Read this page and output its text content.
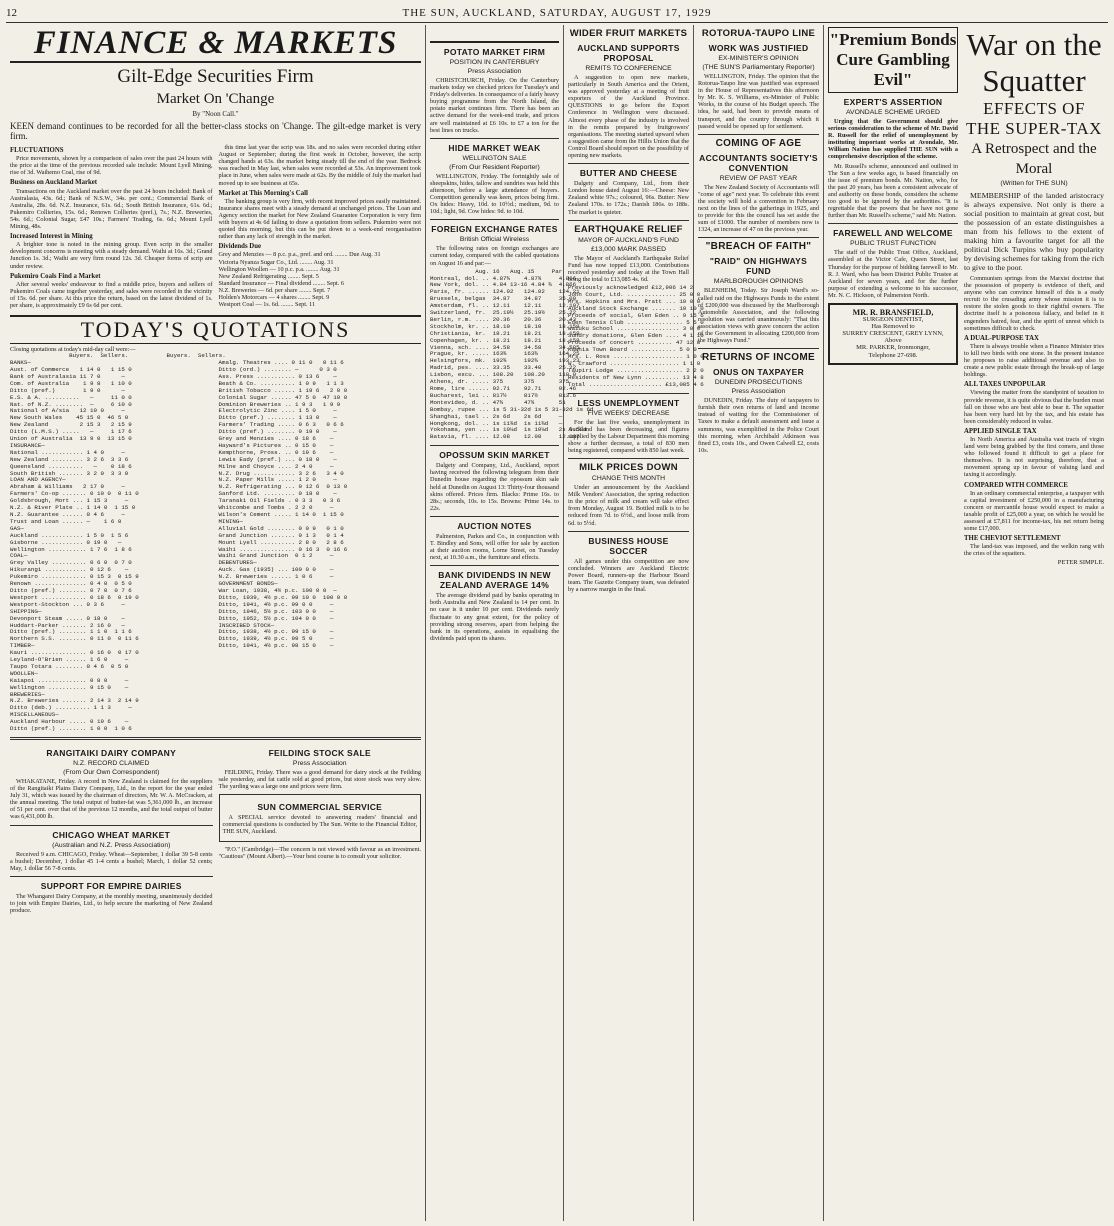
12	THE SUN, AUCKLAND, SATURDAY, AUGUST 17, 1929
FINANCE & MARKETS
Gilt-Edge Securities Firm
Market On 'Change
By "Noon Call."
KEEN demand continues to be recorded for all the better-class stocks on 'Change. The gilt-edge market is very firm.
FLUCTUATIONS

Price movements, shown by a comparison of sales over the past 24 hours with the price at the time of the previous recorded sale include: Mount Lyell Mining, rise of 3d. Waihemo Coal, rise of 9d.

Business on Auckland Market

Transactions on the Auckland market over the past 24 hours included: Bank of Australasia, 43s. 6d.; Bank of N.S.W., 34s. per cent.; Commercial Bank of Australia, 28s. 6d. N.Z. Insurance, 61s. 6d.; South British Insurance, 61s. 6d.; Pukemiro Collieries, 15s. 6d.; Renown Collieries (pref.), 7s.; N.Z. Breweries, 54s. 6d.; Colonial Sugar, £47 10s.; Farmers' Trading, 6s. 6d.; Mount Lyell Mining, 48s.

Increased Interest in Mining

A brighter tone is noted in the mining group. Even scrip in the smaller development concerns is meeting with a steady demand. Waihi at 16s. 3d.; Grand Junction 1s. 3d.; Waihi are very firm round 12s. 3d. Cheaper forms of scrip are under review.

Pukemiro Coals Find a Market

After several weeks' endeavour to find a middle price, buyers and sellers of Pukemiro Coals came together yesterday, and sales were recorded in the vicinity of 15s. 6d. per share. At this price the return, based on the latest dividend of 1s. per share, is approximately £9 6s 6d per cent.

this time last year the scrip was 18s. and no sales were recorded during either August or September; during the first week in October, however, the scrip changed hands at 63s. the market being steady till the end of the year. Bedrock was reached in May last, when sales were recorded at 53s. An improvement took place in June, when sales were made at 62s. By the middle of July the market had moved up to see business at 65s.

Market at This Morning's Call

The banking group is very firm, with recent improved prices easily maintained. Insurance shares meet with a steady demand at unchanged prices. The Loan and Agency section the market for New Zealand Guarantee Corporation is very firm with buyers at 4s 6d failing to draw a quotation from sellers. Pukemiro were not quoted this morning, but this can be put down to a week-end reorganisation rather than any lack of strength in the market.

Dividends Due
Grey and Menzies — 8 p.c. p.a., pref. and ord. ........ Due Aug. 31
Victoria Nyanza Sugar Co., Ltd. ........ Aug. 31
Wellington Woollen — 10 p.c. p.a. ........ Aug. 31
New Zealand Refrigerating ........ Sept. 5
Standard Insurance — Final dividend ........ Sept. 6
N.Z. Breweries — 6d. per share ........ Sept. 7
Holden's Motorcars — 4 shares ........ Sept. 9
Westport Coal — 1s. 6d. ........ Sept. 11
TODAY'S QUOTATIONS
Closing quotations at today's mid-day call were:—
Buyers.  Sellers.           Buyers.  Sellers.
BANKS—
Aust. of Commerce   1 14 0   1 15 0
Bank of Australasia 11 7 0      —
Com. of Australia    1 9 8   1 10 0
Ditto (pref.)        1 9 0      —
E.S. & A. ..........   —     11 0 0
Nat. of N.Z. ........  —     6 10 0
National of A/sia   12 10 0     —
New South Wales    45 15 0  46 5 0
New Zealand         2 15 3   2 15 9
Ditto (L.M.S.) .....   —     1 17 6
Union of Australia  13 9 0  13 15 0
INSURANCE—
National ............ 1 4 0     —
New Zealand ......... 3 2 6  3 3 6
Queensland ..........   —    0 18 6
South British ....... 3 2 0  3 3 0
LOAN AND AGENCY—
Abraham & Williams   2 17 0     —
Farmers' Co-op ....... 0 10 0  0 11 0
Goldsbrough, Mort ... 1 15 3     —
N.Z. & River Plate .. 1 14 0  1 15 0
N.Z. Guarantee ...... 0 4 6     —
Trust and Loan ...... —    1 6 0
GAS—
Auckland ............ 1 5 0  1 5 6
Gisborne ............ 0 19 0   —
Wellington ........... 1 7 6  1 8 6
COAL—
Grey Valley .......... 0 6 0  0 7 0
Hikurangi ............ 0 12 6    —
Pukemiro ............. 0 15 3  0 15 9
Renown ............... 0 4 0  0 5 0
Ditto (pref.) ........ 0 7 0  0 7 6
Westport ............. 0 18 6  0 19 0
Westport-Stockton ... 0 3 6     —
SHIPPING—
Devonport Steam ..... 0 18 0    —
Huddart-Parker ....... 2 16 0   —
Ditto (pref.) ........ 1 1 0  1 1 6
Northern S.S. ........ 0 11 0  0 11 6
TIMBER—
Kauri ................ 0 16 0  0 17 0
Leyland-O'Brien ...... 1 6 0     —
Taupo Totara ........ 0 4 6  0 5 0
WOOLLEN—
Kaiapoi .............. 0 8 0     —
Wellington ........... 9 15 0    —
BREWERIES—
N.Z. Breweries ....... 2 14 3  2 14 9
Ditto (deb.) .......... 1 1 3     —
MISCELLANEOUS—
Auckland Harbour ..... 0 19 6    —
Ditto (pref.) ........ 1 0 0  1 0 6
Amalg. Theatres .... 0 11 0   0 11 6
Ditto (ord.) ........ —      0 3 0
Ass. Press ........... 0 13 6    —
Beath & Co. .......... 1 0 9   1 1 3
British Tobacco ...... 1 19 6   2 0 0
Colonial Sugar ...... 47 5 0  47 10 0
Dominion Breweries .. 1 9 3   1 9 9
Electrolytic Zinc .... 1 5 0     —
Ditto (pref.) ........ 1 13 0    —
Farmers' Trading ..... 0 6 3   0 6 6
Ditto (pref.) ........ 0 19 0    —
Grey and Menzies .... 0 18 6    —
Hayward's Pictures .. 0 15 0    —
Kempthorne, Pross. .. 0 19 6    —
Lewis Eady (pref.) ... 0 18 0    —
Milne and Choyce .... 2 4 0     —
N.Z. Drug ............ 3 2 6   3 4 0
N.Z. Paper Mills ..... 1 2 0     —
N.Z. Refrigerating ... 0 12 6  0 13 0
Sanford Ltd. ......... 0 18 0    —
Taranaki Oil Fields . 0 3 3   0 3 6
Whitcombe and Tombs . 2 2 0     —
Wilson's Cement ..... 1 14 0  1 15 0
MINING—
Alluvial Gold ........ 0 0 9   0 1 0
Grand Junction ....... 0 1 3   0 1 4
Mount Lyell .......... 2 8 0   2 8 6
Waihi ................ 0 16 3  0 16 6
Waihi Grand Junction  0 1 2     —
DEBENTURES—
Auck. Gas (1935) ... 100 0 0    —
N.Z. Breweries ...... 1 0 6     —
GOVERNMENT BONDS—
War Loan, 1938, 4½ p.c. 100 0 0  —
Ditto, 1939, 4½ p.c. 99 10 0  100 0 0
Ditto, 1941, 4½ p.c. 99 0 0     —
Ditto, 1946, 5½ p.c. 103 0 0    —
Ditto, 1952, 5½ p.c. 104 0 0    —
INSCRIBED STOCK—
Ditto, 1938, 4½ p.c. 99 15 0    —
Ditto, 1939, 4½ p.c. 99 5 0     —
Ditto, 1941, 4½ p.c. 98 15 0    —
RANGITAIKI DAIRY COMPANY
N.Z. RECORD CLAIMED
(From Our Own Correspondent)

WHAKATANE, Friday. A record in New Zealand is claimed for the suppliers of the Rangitaiki Plains Dairy Company, Ltd., in the report for the year ended July 31, which was issued by the chairman of directors, Mr. W. A. McCracken, at the annual meeting. The total output of butter-fat was 5,361,000 lb., an increase of 51 per cent. over that of the previous 12 months, and the total output of butter was 6,431,000 lb.

CHICAGO WHEAT MARKET
(Australian and N.Z. Press Association)

Received 9 a.m. CHICAGO, Friday. Wheat—September, 1 dollar 39 5-8 cents a bushel; December, 1 dollar 45 1-4 cents a bushel; March, 1 dollar 52 cents; May, 1 dollar 56 7-8 cents.

SUPPORT FOR EMPIRE DAIRIES

The Whangarei Dairy Company, at the monthly meeting, unanimously decided to join with Empire Dairies, Ltd., to help secure the marketing of New Zealand produce.

FEILDING STOCK SALE
Press Association

FEILDING, Friday. There was a good demand for dairy stock at the Feilding sale yesterday, and fat cattle sold at good prices, but store stock was very slow. The yarding was a large one and prices were firm.

SUN COMMERCIAL SERVICE

A SPECIAL service devoted to answering readers' financial and commercial questions is conducted by The Sun. Write to the Financial Editor, THE SUN, Auckland.

"P.O." (Cambridge)—The concern is not viewed with favour as an investment. "Cautious" (Mount Albert).—Your best course is to consult your solicitor.

POTATO MARKET FIRM
POSITION IN CANTERBURY
Press Association

CHRISTCHURCH, Friday. On the Canterbury markets today we checked prices for Tuesday's and Friday's deliveries. In consequence of a fairly heavy buying programme from the North Island, the potato market continues firm. There has been an active demand for the week-end trade, and prices are well maintained at £6 10s. to £7 a ton for the best lines on trucks.

HIDE MARKET WEAK
WELLINGTON SALE
(From Our Resident Reporter)

WELLINGTON, Friday. The fortnightly sale of sheepskins, hides, tallow and sundries was held this afternoon, before a large attendance of buyers. Competition generally was keen, prices being firm. Ox hides: Heavy, 10d. to 10½d.; medium, 9d. to 10d.; light, 9d. Cow hides: 9d. to 10d.

FOREIGN EXCHANGE RATES
British Official Wireless

The following rates on foreign exchanges are current today, compared with the cabled quotations on August 16 and par:—

Aug. 16   Aug. 15     Par
Montreal, dol. .. 4.87¾    4.87¾     4.866
New York, dol. .. 4.84 13-16 4.84 ¾  4.866
Paris, fr. ...... 124.02   124.02    124.21
Brussels, belgas  34.87    34.87     35.00
Amsterdam, fl. .. 12.11    12.11     12.107
Switzerland, fr.  25.19½   25.19½    25.22
Berlin, r.m. .... 20.36    20.36     20.43
Stockholm, kr. .. 18.10    18.10     18.159
Christiania, kr.  18.21    18.21     18.159
Copenhagen, kr. . 18.21    18.21     18.159
Vienna, sch. .... 34.58    34.58     34.585
Prague, kr. ..... 163¾     163¾      164.25
Helsingfors, mk.  192¾     192¾      193.23
Madrid, pes. .... 33.35    33.40     25.22
Lisbon, escu. ... 108.20   108.20    110.0
Athens, dr. ..... 375      375       375
Rome, lire ...... 92.71    92.71     92.46
Bucharest, lei .. 817½     817½      813.6
Montevideo, d. .. 47¾      47¾       51
Bombay, rupee ... 1s 5 31-32d 1s 5 31-32d 1s 6d
Shanghai, tael .. 2s 6d    2s 6d     —
Hongkong, dol. .. 1s 11¾d  1s 11¾d   —
Yokohama, yen ... 1s 10⅛d  1s 10⅛d   2s 0.58d
Batavia, fl. .... 12.08    12.08     12.107
OPOSSUM SKIN MARKET

Dalgety and Company, Ltd., Auckland, report having received the following telegram from their Dunedin house regarding the opossum skin sale held at Dunedin on August 13: Thirty-four thousand skins offered. Prices firm. Blacks: Prime 16s. to 28s.; seconds, 10s. to 15s. Browns: Prime 14s. to 22s.

AUCTION NOTES

Palmerston, Parkes and Co., in conjunction with T. Bindley and Sons, will offer for sale by auction at their auction rooms, Lorne Street, on Tuesday next, at 10.30 a.m., the furniture and effects.

BANK DIVIDENDS IN NEW ZEALAND AVERAGE 14%

The average dividend paid by banks operating in both Australia and New Zealand is 14 per cent. In no case is it under 10 per cent. Dividends rarely fluctuate to any great extent, for the policy of providing strong reserves, apart from helping the bank in its operations, assists in equalising the dividends paid upon its shares.

WIDER FRUIT MARKETS
AUCKLAND SUPPORTS PROPOSAL
REMITS TO CONFERENCE

A suggestion to open new markets, particularly in South America and the Orient, was approved yesterday at a meeting of fruit exporters of the Auckland Province. QUESTIONS to go before the Export Conference in Wellington were discussed. Almost every phase of the industry is involved in the remits prepared by fruitgrowers' organisations. The meeting started upward when a suggestion came from the Hillis Union that the Control Board should report on the possibility of opening new markets.

BUTTER AND CHEESE

Dalgety and Company, Ltd., from their London house dated August 16:—Cheese: New Zealand white 97s.; coloured, 96s. Butter: New Zealand 170s. to 172s.; Danish 186s. to 188s. The market is quieter.

EARTHQUAKE RELIEF
MAYOR OF AUCKLAND'S FUND
£13,000 MARK PASSED

The Mayor of Auckland's Earthquake Relief Fund has now topped £13,000. Contributions received yesterday and today at the Town Hall bring the total to £13,085 4s. 6d.

Previously acknowledged £12,906 14 2
John Court, Ltd. .............. 25 0 0
Mrs. Hopkins and Mrs. Pratt ... 10 0 0
Auckland Stock Exchange ....... 10 10 0
Proceeds of social, Glen Eden .. 9 15 6
Eden Tennis Club ................ 5 5 0
Waiuku School .................. 3 0 0
Sundry donations, Glen Eden .... 4 1 10
Proceeds of concert .......... 47 12 8
Kawhia Town Board ............. 5 0 0
Mrs. L. Ross .................... 1 0 0
W. Crawford .................... 1 1 0
Taupiri Lodge ................... 2 2 0
Residents of New Lynn .......... 13 4 8
Total ..................... £13,085 4 6
LESS UNEMPLOYMENT
FIVE WEEKS' DECREASE

For the last five weeks, unemployment in Auckland has been decreasing, and figures supplied by the Labour Department this morning show a further decrease, a total of 830 men being registered, compared with 850 last week.

MILK PRICES DOWN
CHANGE THIS MONTH

Under an announcement by the Auckland Milk Vendors' Association, the spring reduction in the price of milk and cream will take effect from Monday, August 19. Bottled milk is to be reduced from 7d. to 6½d., and loose milk from 6d. to 5½d.

BUSINESS HOUSE SOCCER

All games under this competition are now concluded. Winners are Auckland Electric Power Board, runners-up the Harbour Board team. The Gazette Company team, was defeated by a narrow margin in the final.

ROTORUA-TAUPO LINE
WORK WAS JUSTIFIED
EX-MINISTER'S OPINION
(THE SUN'S Parliamentary Reporter)

WELLINGTON, Friday. The opinion that the Rotorua-Taupo line was justified was expressed in the House of Representatives this afternoon by Mr. K. S. Williams, ex-Minister of Public Works, in the course of his Budget speech. The idea, he said, had been to provide means of transport, and the country through which it passed would be opened up for settlement.

COMING OF AGE
ACCOUNTANTS SOCIETY'S CONVENTION
REVIEW OF PAST YEAR

The New Zealand Society of Accountants will "come of age" next year. To celebrate this event the society will hold a convention in February next on the lines of the gatherings in 1925, and to provide for this the council has set aside the sum of £1000. The number of members now is 1324, an increase of 47 on the previous year.

"BREACH OF FAITH"
"RAID" ON HIGHWAYS FUND
MARLBOROUGH OPINIONS

BLENHEIM, Today. Sir Joseph Ward's so-called raid on the Highways Funds to the extent of £200,000 was discussed by the Marlborough Automobile Association, and the following resolution was carried unanimously: "That this association views with grave concern the action of the Government in allocating £200,000 from the Highways Fund."

RETURNS OF INCOME
ONUS ON TAXPAYER
DUNEDIN PROSECUTIONS
Press Association

DUNEDIN, Friday. The duty of taxpayers to furnish their own returns of land and income instead of waiting for the Commissioner of Taxes to make a default assessment and issue a summons, was exemplified in the Police Court this morning, when Archibald Atkinson was fined £3, costs 10s., and Owen Calwell £2, costs 10s.

"Premium Bonds Cure Gambling Evil"
EXPERT'S ASSERTION
AVONDALE SCHEME URGED

Urging that the Government should give serious consideration to the scheme of Mr. David R. Russell for the relief of unemployment by instituting important works at Avondale, Mr. William Nation has supplied THE SUN with a comprehensive description of the scheme.

Mr. Russell's scheme, announced and outlined in The Sun a few weeks ago, is based financially on the issue of premium bonds. Mr. Nation, who, for the past 20 years, has been a consistent advocate of and authority on these bonds, considers the scheme too good to be ignored by the authorities. "It is regrettable that the powers that be have not gone further than Mr. Russell's scheme," said Mr. Nation.

FAREWELL AND WELCOME
PUBLIC TRUST FUNCTION

The staff of the Public Trust Office, Auckland, assembled at the Victor Cafe, Queen Street, last Thursday for the purpose of bidding farewell to Mr. R. J. Ward, who has been District Public Trustee at Auckland for seven years, and for the further purpose of extending a welcome to his successor, Mr. N. C. Hickson, of Palmerston North.

MR. R. BRANSFIELD,
SURGEON DENTIST,
Has Removed to
SURREY CRESCENT, GREY LYNN,
Above
MR. PARKER, Ironmonger,
Telephone 27-698.
War on the Squatter
EFFECTS OF THE SUPER-TAX
A Retrospect and the Moral
(Written for THE SUN)

MEMBERSHIP of the landed aristocracy is always expensive. Not only is there a social position to maintain at great cost, but the possession of an estate distinguishes a man from his fellows to the extent of making him a favourite target for all the political Dick Turpins who buy popularity by devising schemes for taking from the rich to give to the poor.

Communism springs from the Marxist doctrine that the possession of property is evidence of theft, and anyone who can convince himself of this is a ready recruit to the crusading army whose mission it is to restore the stolen goods to their rightful owners. The doctrine itself is a poisonous fallacy, and belief in it engenders hatred, fear, and the spirit of unrest which is sometimes difficult to check.

A DUAL-PURPOSE TAX

There is always trouble when a Finance Minister tries to kill two birds with one stone. In the present instance he proposes to raise additional revenue and also to create a new public estate through the break-up of large holdings.

ALL TAXES UNPOPULAR

Viewing the matter from the standpoint of taxation to provide revenue, it is quite obvious that the burden must fall on those who are best able to bear it. The squatter has been very hard hit by the tax, and his estate has been considerably reduced in value.

APPLIED SINGLE TAX

In North America and Australia vast tracts of virgin land were being grabbed by the first comers, and those who followed found it difficult to get a place for themselves. It is not surprising, therefore, that a movement sprang up in favour of valuing land and taxing it accordingly.

COMPARED WITH COMMERCE

In an ordinary commercial enterprise, a taxpayer with a capital investment of £250,000 in a manufacturing concern or mercantile house would expect to make a taxable profit of £25,000 a year, on which he would be assessed at £7,811 for income-tax, his net return being some £17,000.

THE CHEVIOT SETTLEMENT

The land-tax was imposed, and the welkin rang with the cries of the squatters.

PETER SIMPLE.
